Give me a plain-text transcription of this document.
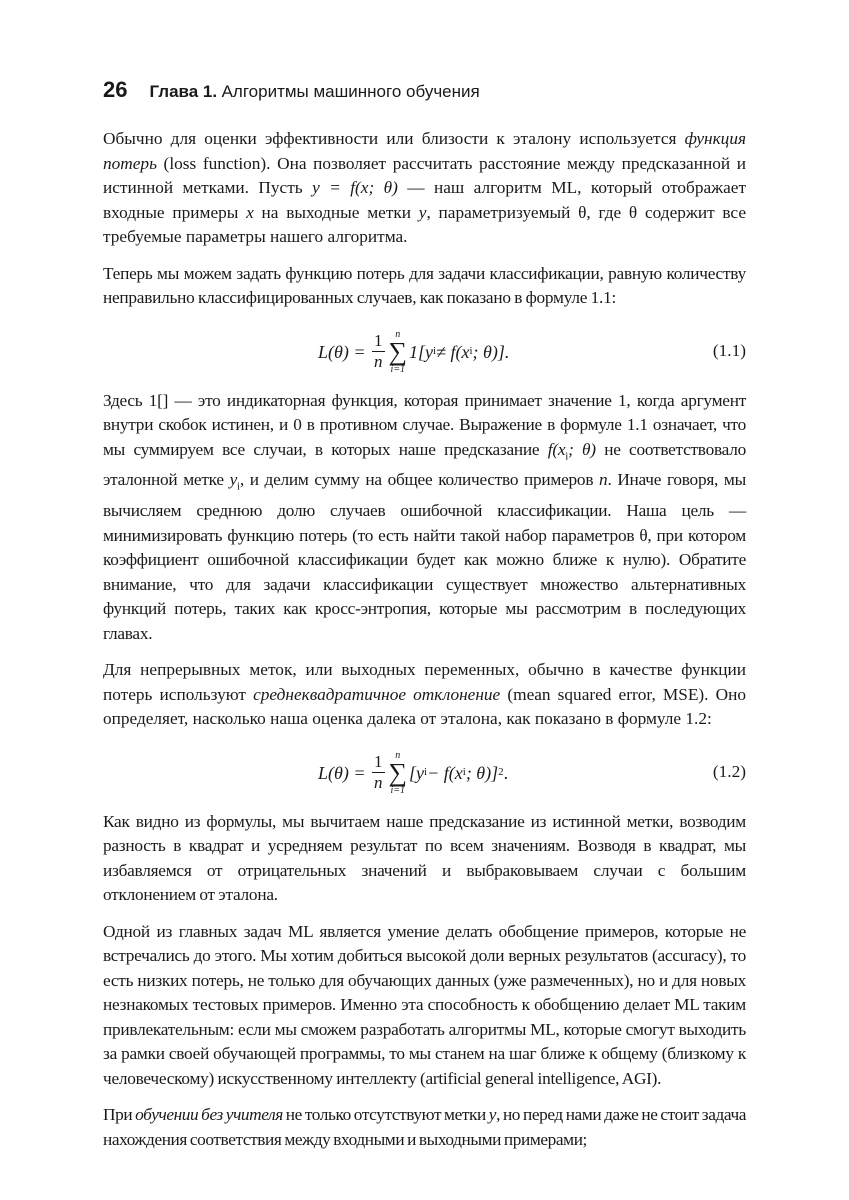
26 Глава 1. Алгоритмы машинного обучения

Обычно для оценки эффективности или близости к эталону используется функция потерь (loss function). Она позволяет рассчитать расстояние между предсказанной и истинной метками. Пусть y = f(x; θ) — наш алгоритм ML, который отображает входные примеры x на выходные метки y, параметризуемый θ, где θ содержит все требуемые параметры нашего алгоритма.

Теперь мы можем задать функцию потерь для задачи классификации, равную количеству неправильно классифицированных случаев, как показано в формуле 1.1:

L(θ) =
$\frac{1}{n}$ n
∑
i=1
1[y i ≠ f(x i ; θ)].	(1.1)

Здесь 1[] — это индикаторная функция, которая принимает значение 1, когда аргумент внутри скобок истинен, и 0 в противном случае. Выражение в формуле 1.1 означает, что мы суммируем все случаи, в которых наше предсказание $f(x_i$; θ) не соответствовало эталонной метке $y_i$, и делим сумму на общее количество примеров n. Иначе говоря, мы вычисляем среднюю долю случаев ошибочной классификации. Наша цель — минимизировать функцию потерь (то есть найти такой набор параметров θ, при котором коэффициент ошибочной классификации будет как можно ближе к нулю). Обратите внимание, что для задачи классификации существует множество альтернативных функций потерь, таких как кросс-энтропия, которые мы рассмотрим в последующих главах.

Для непрерывных меток, или выходных переменных, обычно в качестве функции потерь используют среднеквадратичное отклонение (mean squared error, MSE). Оно определяет, насколько наша оценка далека от эталона, как показано в формуле 1.2:

L(θ) =
$\frac{1}{n}$ n
∑
i=1
[y i − f(x i ; θ)] 2 .	(1.2)

Как видно из формулы, мы вычитаем наше предсказание из истинной метки, возводим разность в квадрат и усредняем результат по всем значениям. Возводя в квадрат, мы избавляемся от отрицательных значений и выбраковываем случаи с большим отклонением от эталона.

Одной из главных задач ML является умение делать обобщение примеров, которые не встречались до этого. Мы хотим добиться высокой доли верных результатов (accuracy), то есть низких потерь, не только для обучающих данных (уже размеченных), но и для новых незнакомых тестовых примеров. Именно эта способность к обобщению делает ML таким привлекательным: если мы сможем разработать алгоритмы ML, которые смогут выходить за рамки своей обучающей программы, то мы станем на шаг ближе к общему (близкому к человеческому) искусственному интеллекту (artificial general intelligence, AGI).

При обучении без учителя не только отсутствуют метки y, но перед нами даже не стоит задача нахождения соответствия между входными и выходными примерами;
